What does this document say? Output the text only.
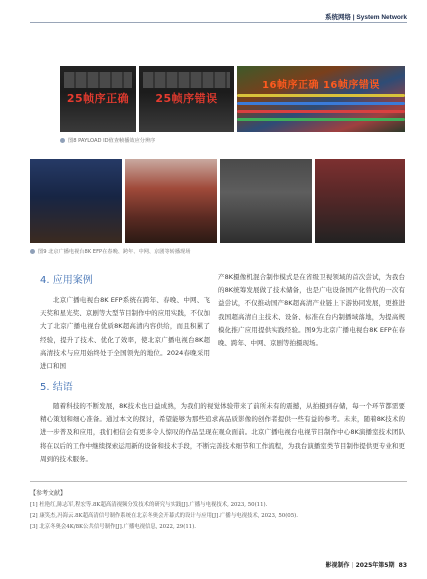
系统网络 | System Network
25帧序正确	25帧序错误
16帧序正确 16帧序错误
图8 PAYLOAD ID值查帧播效应分辨序
图9 北京广播电视台8K EFP在春晚、跨年、中网、京剧等转播现场
4. 应用案例
北京广播电视台8K EFP系统在跨年、春晚、中网、飞天奖和星光奖、京剧等大型节目制作中的应用实践，不仅加大了北京广播电视台优质8K超高清内容供给，而且积累了经验，提升了技术、优化了效率，使北京广播电视台8K超高清技术与应用始终处于全国领先的地位。2024春晚采用进口和国
产8K摄像机混合制作模式是在省级卫视领域的首次尝试，为我台的8K统筹发展做了技术储备，也是广电设备国产化替代的一次有益尝试，不仅推动国产8K超高清产业链上下游协同发展，更推进我国超高清自主技术、设备、标准在台内制播域落地，为提高规模化推广应用提供实践经验。图9为北京广播电视台8K EFP在春晚、跨年、中网、京剧等拍摄现场。
5. 结语
随着科技的不断发展，8K技术也日益成熟，为我们的视觉体验带来了前所未有的震撼，从拍摄到存储，每一个环节都需要精心策划和细心准备。通过本文的探讨，希望能够为那些追求高品质影像的创作者提供一些有益的参考。未来，随着8K技术的进一步普及和应用，我们相信会有更多令人惊叹的作品呈现在观众面前。北京广播电视台电视节目制作中心8K演播室技术团队将在以后的工作中继续探索运用新的设备和技术手段，不断完善技术细节和工作流程，为我台演播室类节目制作提供更专业和更周到的技术服务。
【参考文献】
[1] 杜艳红,陈志军,程宏等.8K超高清视频分发技术的研究与实践[J].广播与电视技术, 2023, 50(11).
[2] 康笑杰,冯海云.8K超高清信号制作系统在北京冬奥会开幕式的设计与应用[J].广播与电视技术, 2023, 50(05).
[3] 北京冬奥会4K/8K公共信号制作[J].广播电视信息, 2022, 29(11).
影视制作 | 2025年第5期 83
